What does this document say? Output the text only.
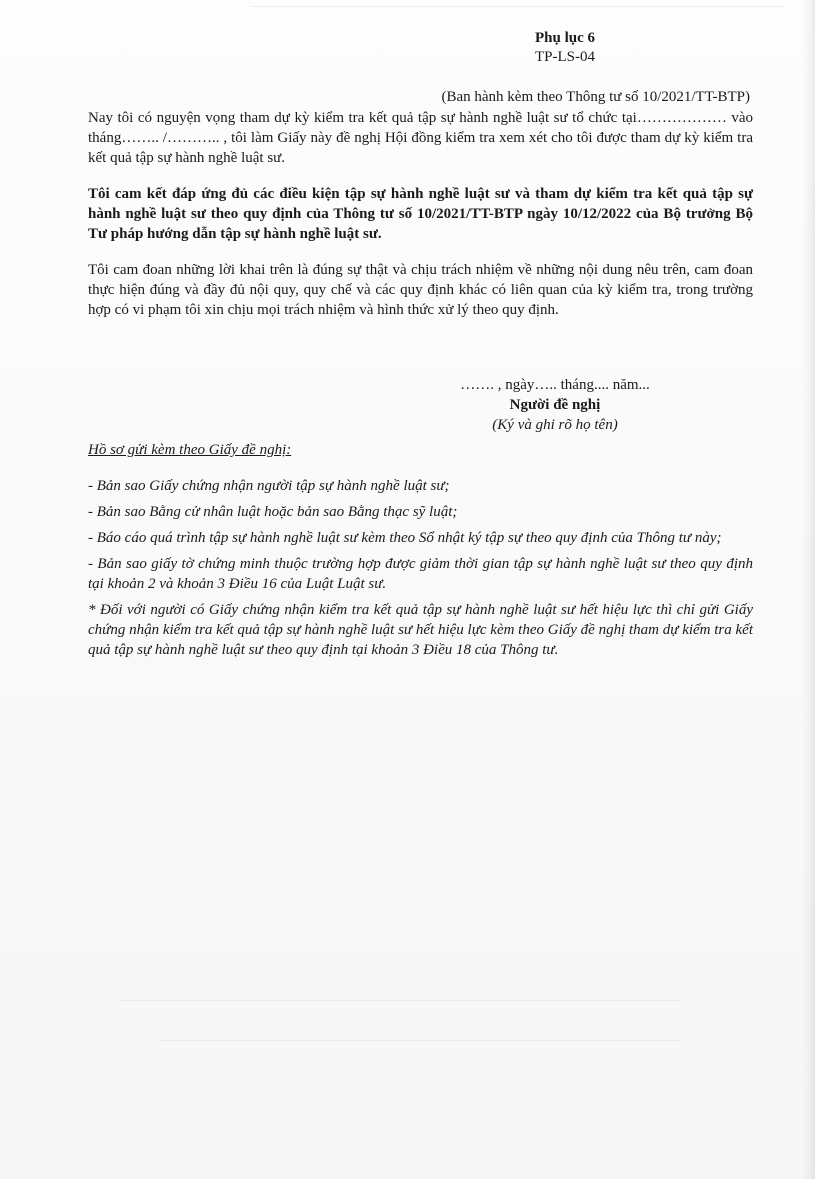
Phụ lục 6
TP-LS-04
(Ban hành kèm theo Thông tư số 10/2021/TT-BTP)

Nay tôi có nguyện vọng tham dự kỳ kiểm tra kết quả tập sự hành nghề luật sư tổ chức tại……………… vào tháng…….. /……….. , tôi làm Giấy này đề nghị Hội đồng kiểm tra xem xét cho tôi được tham dự kỳ kiểm tra kết quả tập sự hành nghề luật sư.

Tôi cam kết đáp ứng đủ các điều kiện tập sự hành nghề luật sư và tham dự kiểm tra kết quả tập sự hành nghề luật sư theo quy định của Thông tư số 10/2021/TT-BTP ngày 10/12/2022 của Bộ trưởng Bộ Tư pháp hướng dẫn tập sự hành nghề luật sư.

Tôi cam đoan những lời khai trên là đúng sự thật và chịu trách nhiệm về những nội dung nêu trên, cam đoan thực hiện đúng và đầy đủ nội quy, quy chế và các quy định khác có liên quan của kỳ kiểm tra, trong trường hợp có vi phạm tôi xin chịu mọi trách nhiệm và hình thức xử lý theo quy định.

……. , ngày….. tháng.... năm...
Người đề nghị
(Ký và ghi rõ họ tên)

Hồ sơ gửi kèm theo Giấy đề nghị:

- Bản sao Giấy chứng nhận người tập sự hành nghề luật sư;

- Bản sao Bằng cử nhân luật hoặc bản sao Bằng thạc sỹ luật;

- Báo cáo quá trình tập sự hành nghề luật sư kèm theo Sổ nhật ký tập sự theo quy định của Thông tư này;

- Bản sao giấy tờ chứng minh thuộc trường hợp được giảm thời gian tập sự hành nghề luật sư theo quy định tại khoản 2 và khoản 3 Điều 16 của Luật Luật sư.

* Đối với người có Giấy chứng nhận kiểm tra kết quả tập sự hành nghề luật sư hết hiệu lực thì chỉ gửi Giấy chứng nhận kiểm tra kết quả tập sự hành nghề luật sư hết hiệu lực kèm theo Giấy đề nghị tham dự kiểm tra kết quả tập sự hành nghề luật sư theo quy định tại khoản 3 Điều 18 của Thông tư.
